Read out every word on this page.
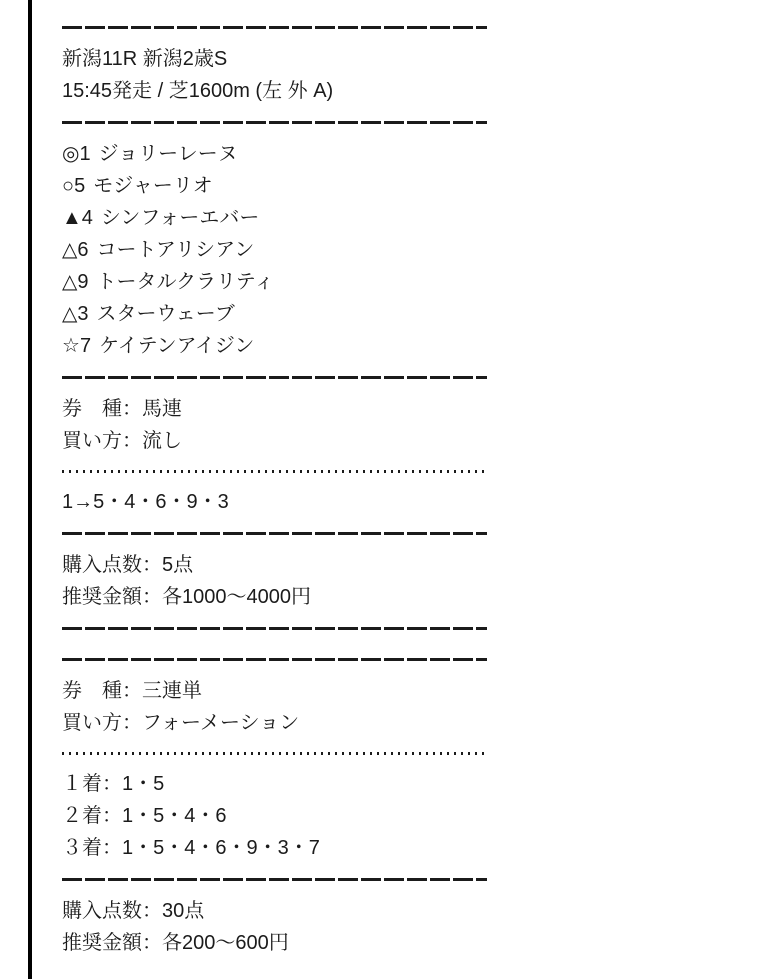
新潟11R 新潟2歳S
15:45発走 / 芝1600m (左 外 A)
◎1 ジョリーレーヌ
○5 モジャーリオ
▲4 シンフォーエバー
△6 コートアリシアン
△9 トータルクラリティ
△3 スターウェーブ
☆7 ケイテンアイジン
券　種：馬連
買い方：流し
1→5・4・6・9・3
購入点数：5点
推奨金額：各1000〜4000円
券　種：三連単
買い方：フォーメーション
１着：1・5
２着：1・5・4・6
３着：1・5・4・6・9・3・7
購入点数：30点
推奨金額：各200〜600円
